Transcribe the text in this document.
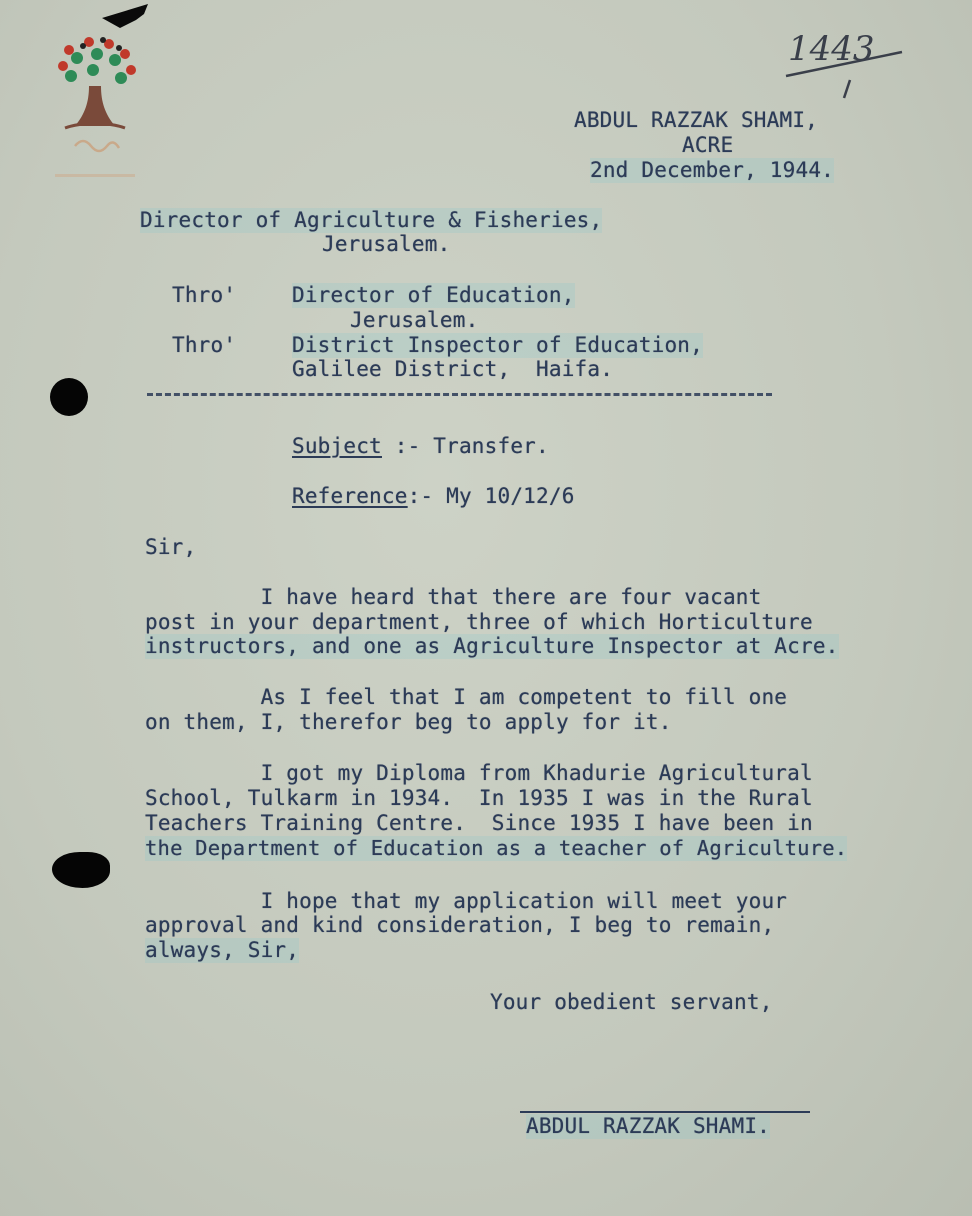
1443

ABDUL RAZZAK SHAMI,

ACRE

2nd December, 1944.

Director of Agriculture & Fisheries,

Jerusalem.

Thro'	Director of Education,

Jerusalem.

Thro'	District Inspector of Education,

Galilee District,  Haifa.

Subject :- Transfer.

Reference:- My 10/12/6

Sir,

I have heard that there are four vacant

post in your department, three of which Horticulture

instructors, and one as Agriculture Inspector at Acre.

As I feel that I am competent to fill one

on them, I, therefor beg to apply for it.

I got my Diploma from Khadurie Agricultural

School, Tulkarm in 1934.  In 1935 I was in the Rural

Teachers Training Centre.  Since 1935 I have been in

the Department of Education as a teacher of Agriculture.

I hope that my application will meet your

approval and kind consideration, I beg to remain,

always, Sir,

Your obedient servant,

ABDUL RAZZAK SHAMI.
